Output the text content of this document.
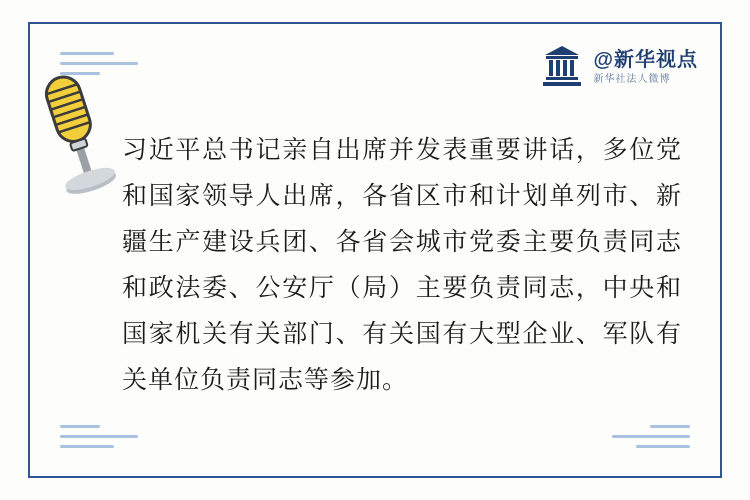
@新华视点
新华社法人微博
习近平总书记亲自出席并发表重要讲话，多位党和国家领导人出席，各省区市和计划单列市、新疆生产建设兵团、各省会城市党委主要负责同志和政法委、公安厅（局）主要负责同志，中央和国家机关有关部门、有关国有大型企业、军队有关单位负责同志等参加。
